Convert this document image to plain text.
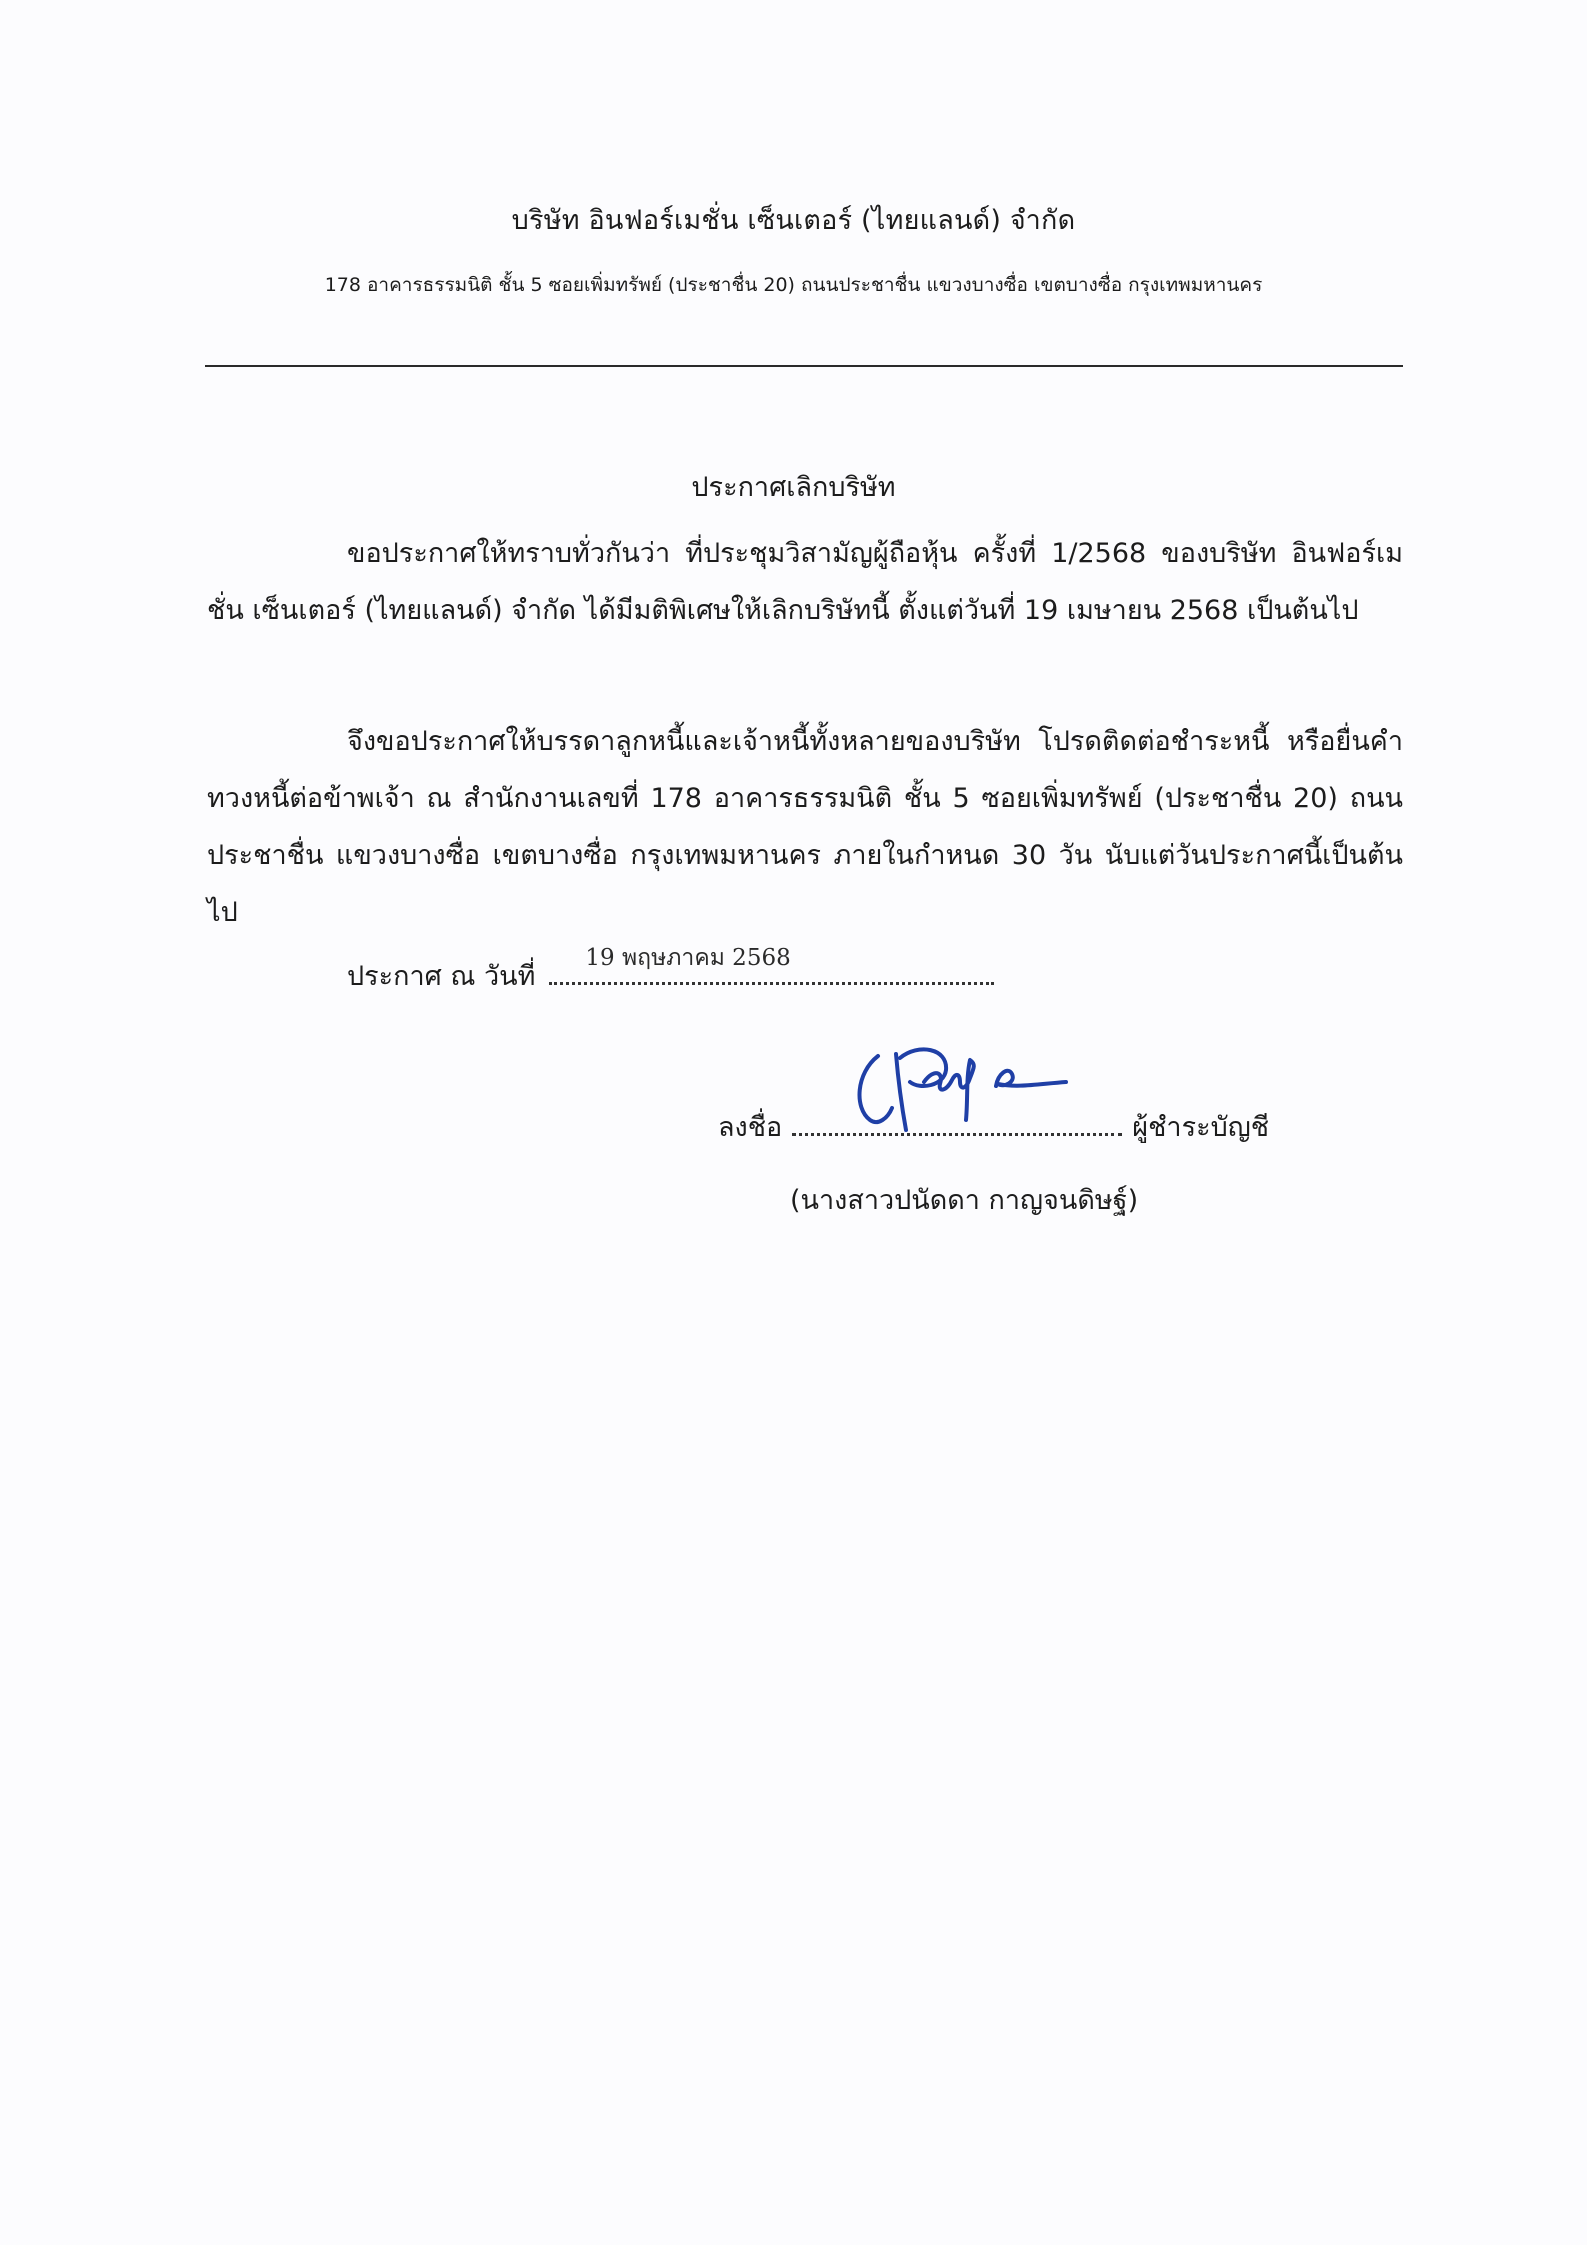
บริษัท อินฟอร์เมชั่น เซ็นเตอร์ (ไทยแลนด์) จำกัด
178 อาคารธรรมนิติ ชั้น 5 ซอยเพิ่มทรัพย์ (ประชาชื่น 20) ถนนประชาชื่น แขวงบางซื่อ เขตบางซื่อ กรุงเทพมหานคร
ประกาศเลิกบริษัท
ขอประกาศให้ทราบทั่วกันว่า ที่ประชุมวิสามัญผู้ถือหุ้น ครั้งที่ 1/2568 ของบริษัท อินฟอร์เมชั่น เซ็นเตอร์ (ไทยแลนด์) จำกัด ได้มีมติพิเศษให้เลิกบริษัทนี้ ตั้งแต่วันที่ 19 เมษายน 2568 เป็นต้นไป
จึงขอประกาศให้บรรดาลูกหนี้และเจ้าหนี้ทั้งหลายของบริษัท โปรดติดต่อชำระหนี้ หรือยื่นคำทวงหนี้ต่อข้าพเจ้า ณ สำนักงานเลขที่ 178 อาคารธรรมนิติ ชั้น 5 ซอยเพิ่มทรัพย์ (ประชาชื่น 20) ถนนประชาชื่น แขวงบางซื่อ เขตบางซื่อ กรุงเทพมหานคร ภายในกำหนด 30 วัน นับแต่วันประกาศนี้เป็นต้นไป
ประกาศ ณ วันที่
19 พฤษภาคม 2568
ลงชื่อ	ผู้ชำระบัญชี
(นางสาวปนัดดา กาญจนดิษฐ์)
